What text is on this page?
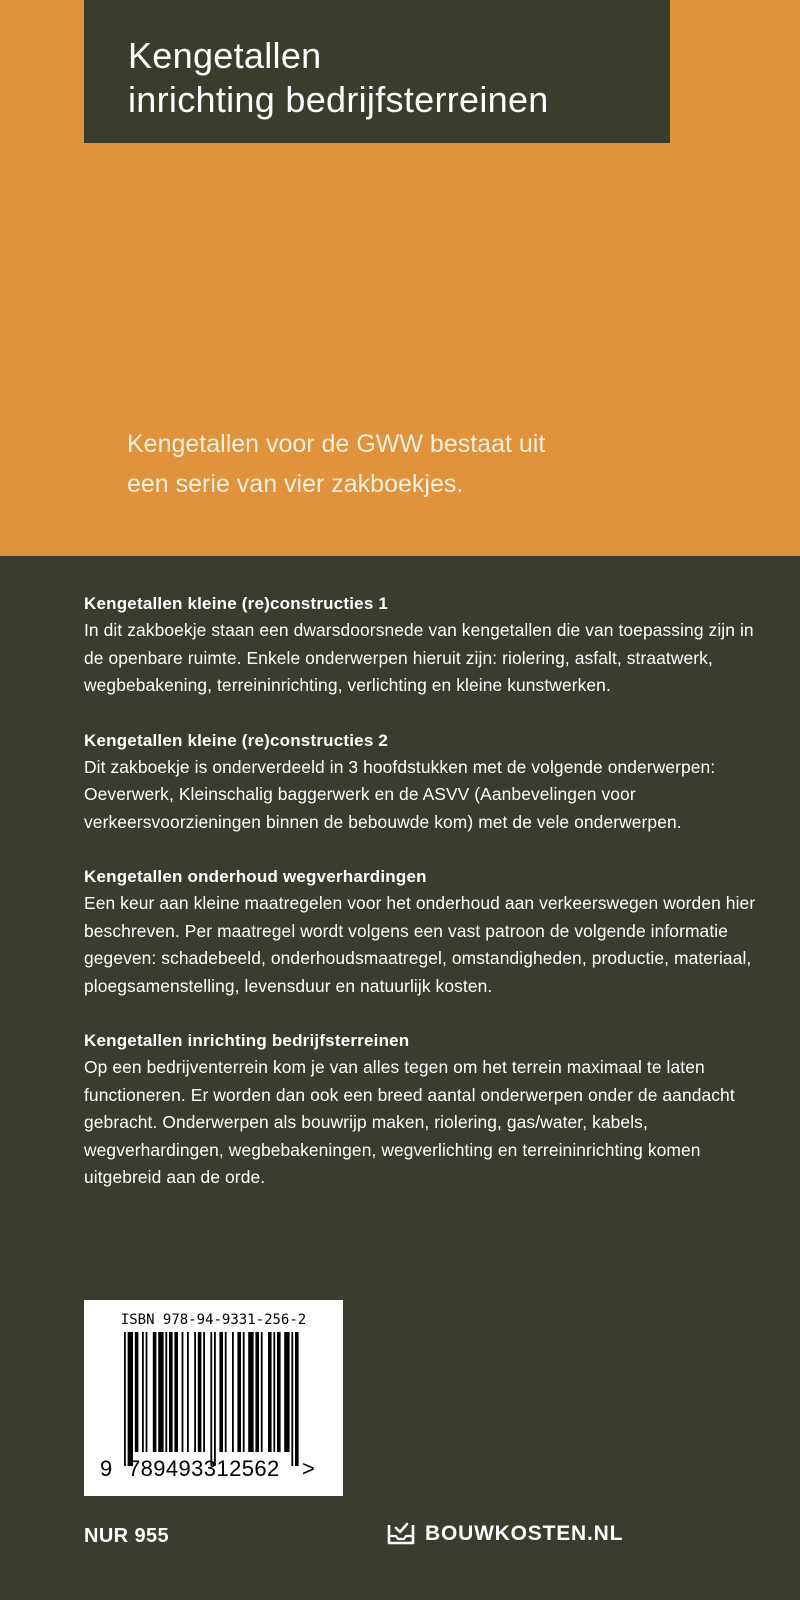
Kengetallen
inrichting bedrijfsterreinen
Kengetallen voor de GWW bestaat uit
een serie van vier zakboekjes.
Kengetallen kleine (re)constructies 1

In dit zakboekje staan een dwarsdoorsnede van kengetallen die van toepassing zijn in de openbare ruimte. Enkele onderwerpen hieruit zijn: riolering, asfalt, straatwerk, wegbebakening, terreininrichting, verlichting en kleine kunstwerken.

Kengetallen kleine (re)constructies 2

Dit zakboekje is onderverdeeld in 3 hoofdstukken met de volgende onderwerpen: Oeverwerk, Kleinschalig baggerwerk en de ASVV (Aanbevelingen voor verkeersvoorzieningen binnen de bebouwde kom) met de vele onderwerpen.

Kengetallen onderhoud wegverhardingen

Een keur aan kleine maatregelen voor het onderhoud aan verkeerswegen worden hier beschreven. Per maatregel wordt volgens een vast patroon de volgende informatie gegeven: schadebeeld, onderhoudsmaatregel, omstandigheden, productie, materiaal, ploegsamenstelling, levensduur en natuurlijk kosten.

Kengetallen inrichting bedrijfsterreinen

Op een bedrijventerrein kom je van alles tegen om het terrein maximaal te laten functioneren. Er worden dan ook een breed aantal onderwerpen onder de aandacht gebracht. Onderwerpen als bouwrijp maken, riolering, gas/water, kabels, wegverhardingen, wegbebakeningen, wegverlichting en terreininrichting komen uitgebreid aan de orde.

ISBN 978-94-9331-256-2
9 789493312562 >
NUR 955	BOUWKOSTEN.NL
